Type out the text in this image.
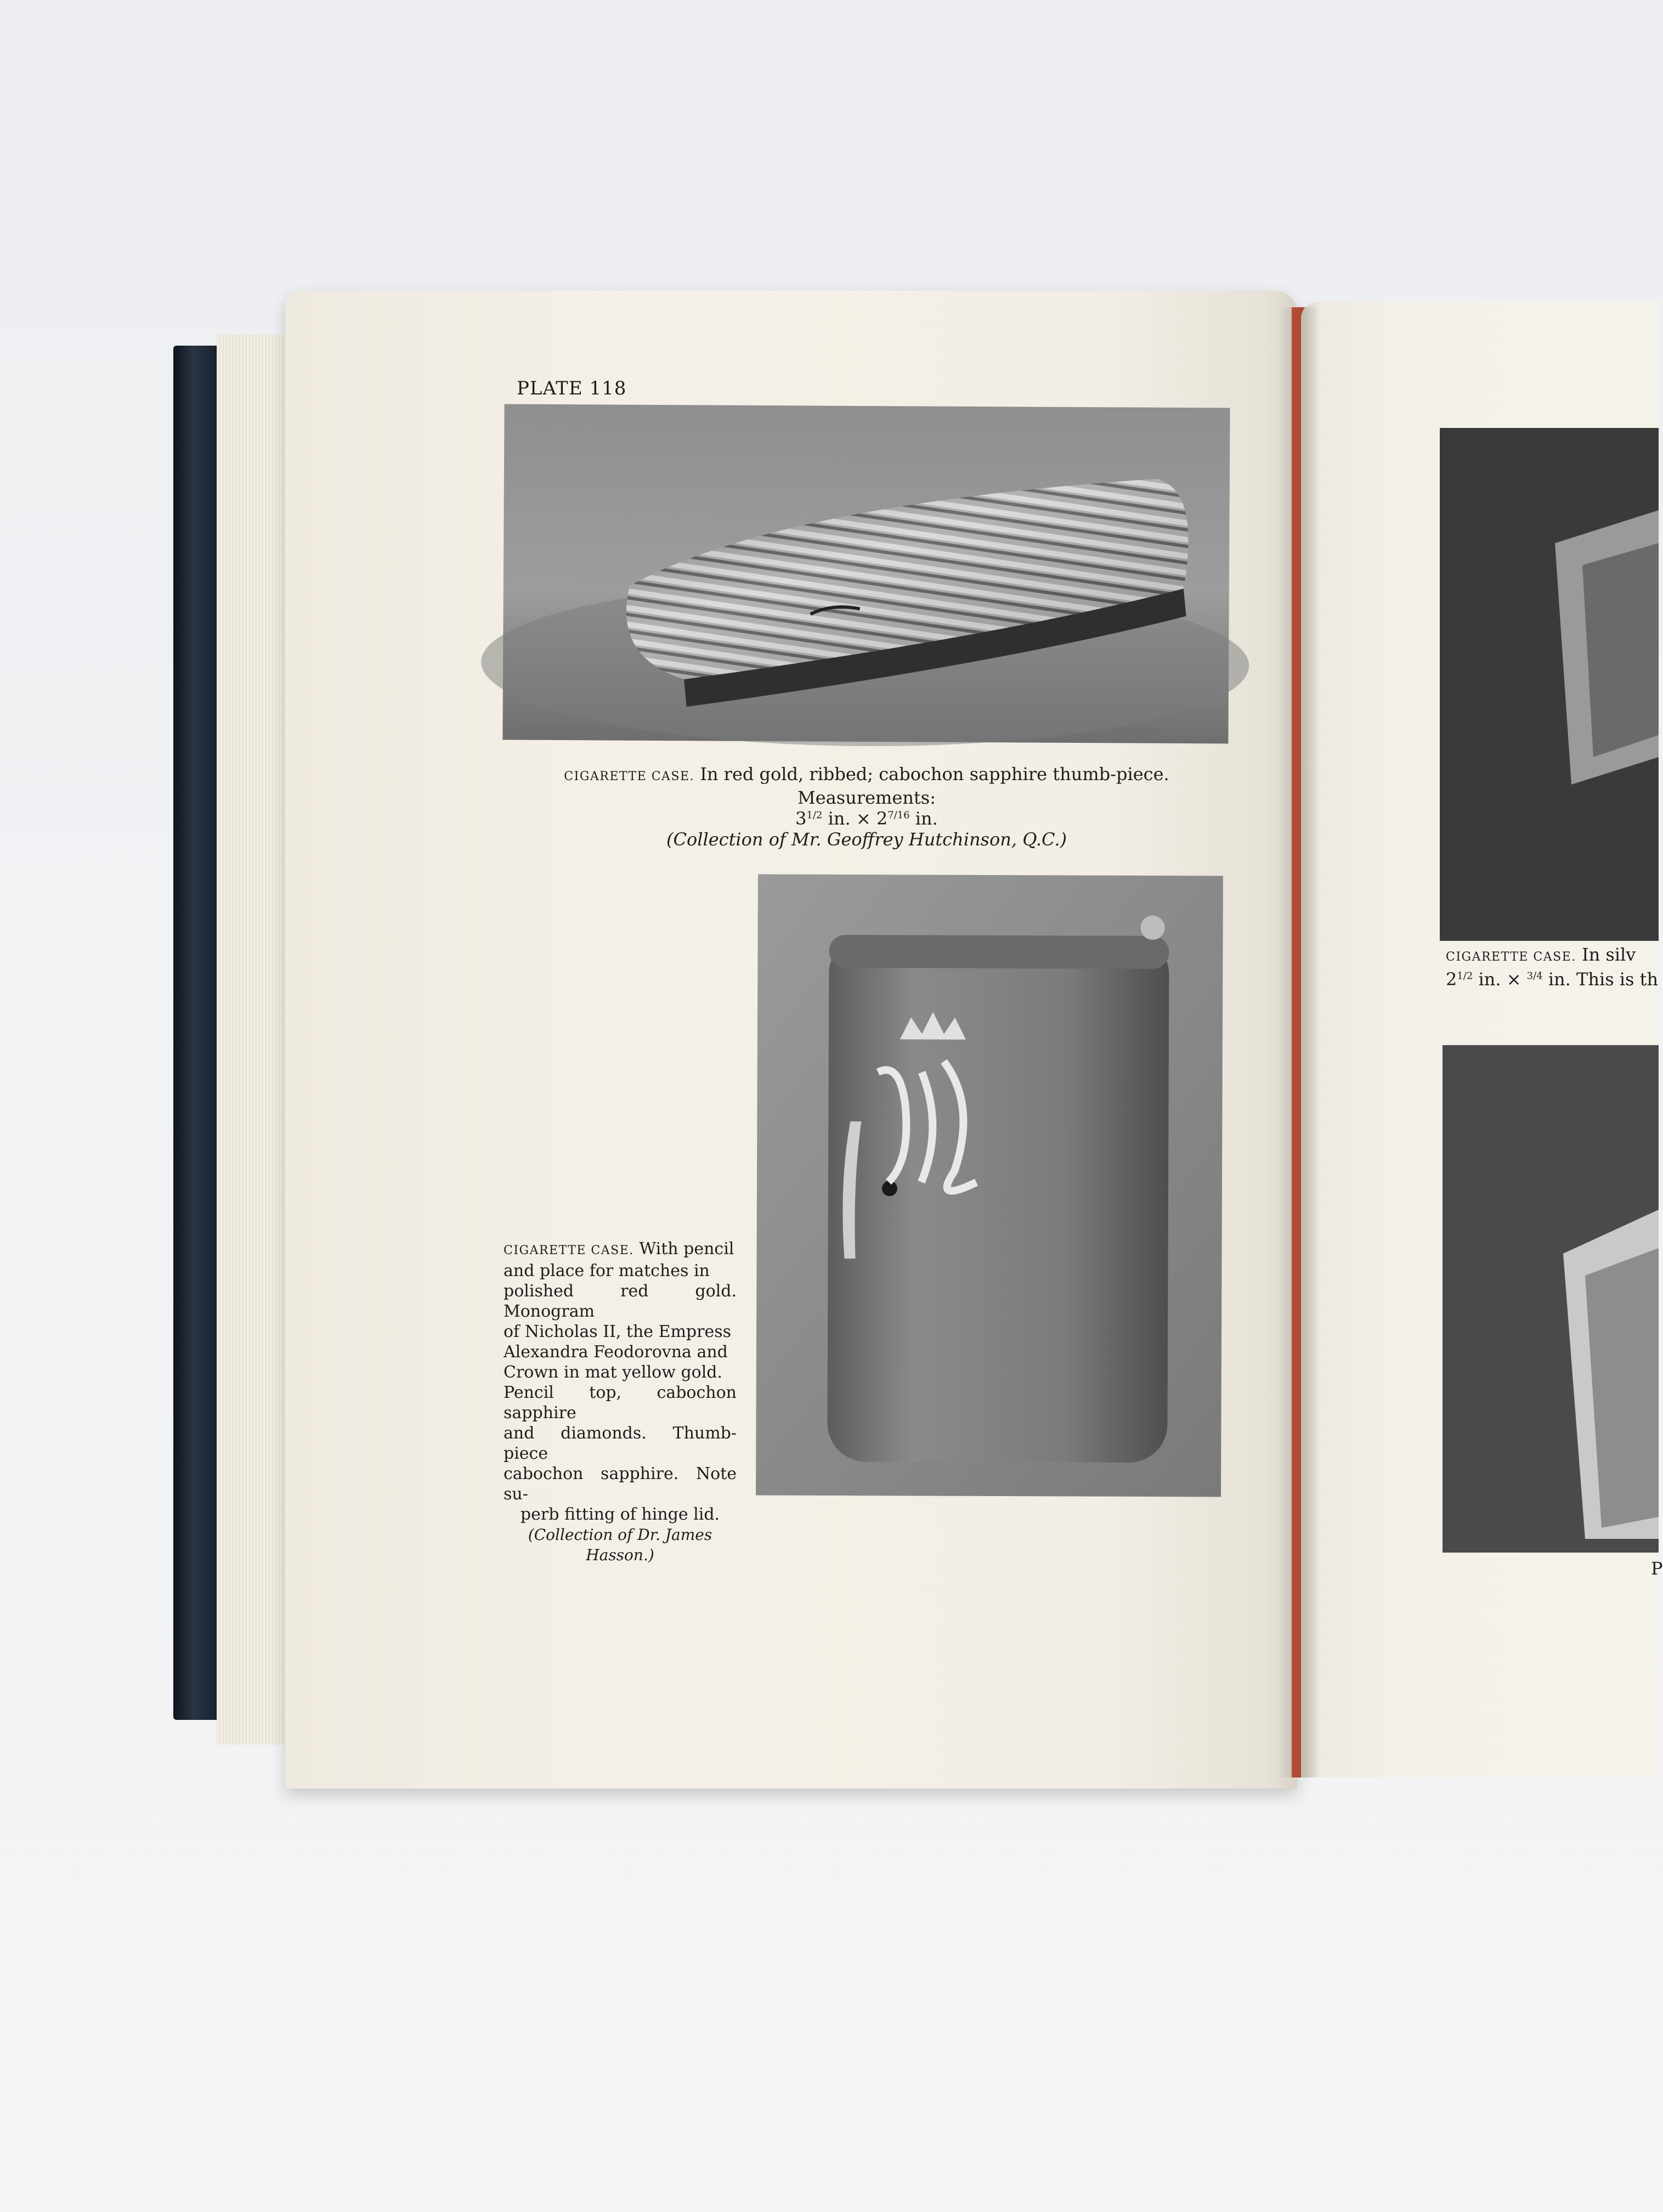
PLATE 118
CIGARETTE CASE. In red gold, ribbed; cabochon sapphire thumb-piece. Measurements:
$3^{1/2}$ in. × $2^{7/16}$ in.
(Collection of Mr. Geoffrey Hutchinson, Q.C.)
CIGARETTE CASE. With pencil
and place for matches in
polished red gold. Monogram
of Nicholas II, the Empress
Alexandra Feodorovna and
Crown in mat yellow gold.
Pencil top, cabochon sapphire
and diamonds. Thumb-piece
cabochon sapphire. Note su-
perb fitting of hinge lid.
(Collection of Dr. James
Hasson.)
CIGARETTE CASE. In silv
$2^{1/2}$ in. × $^{3/4}$ in. This is th
P
